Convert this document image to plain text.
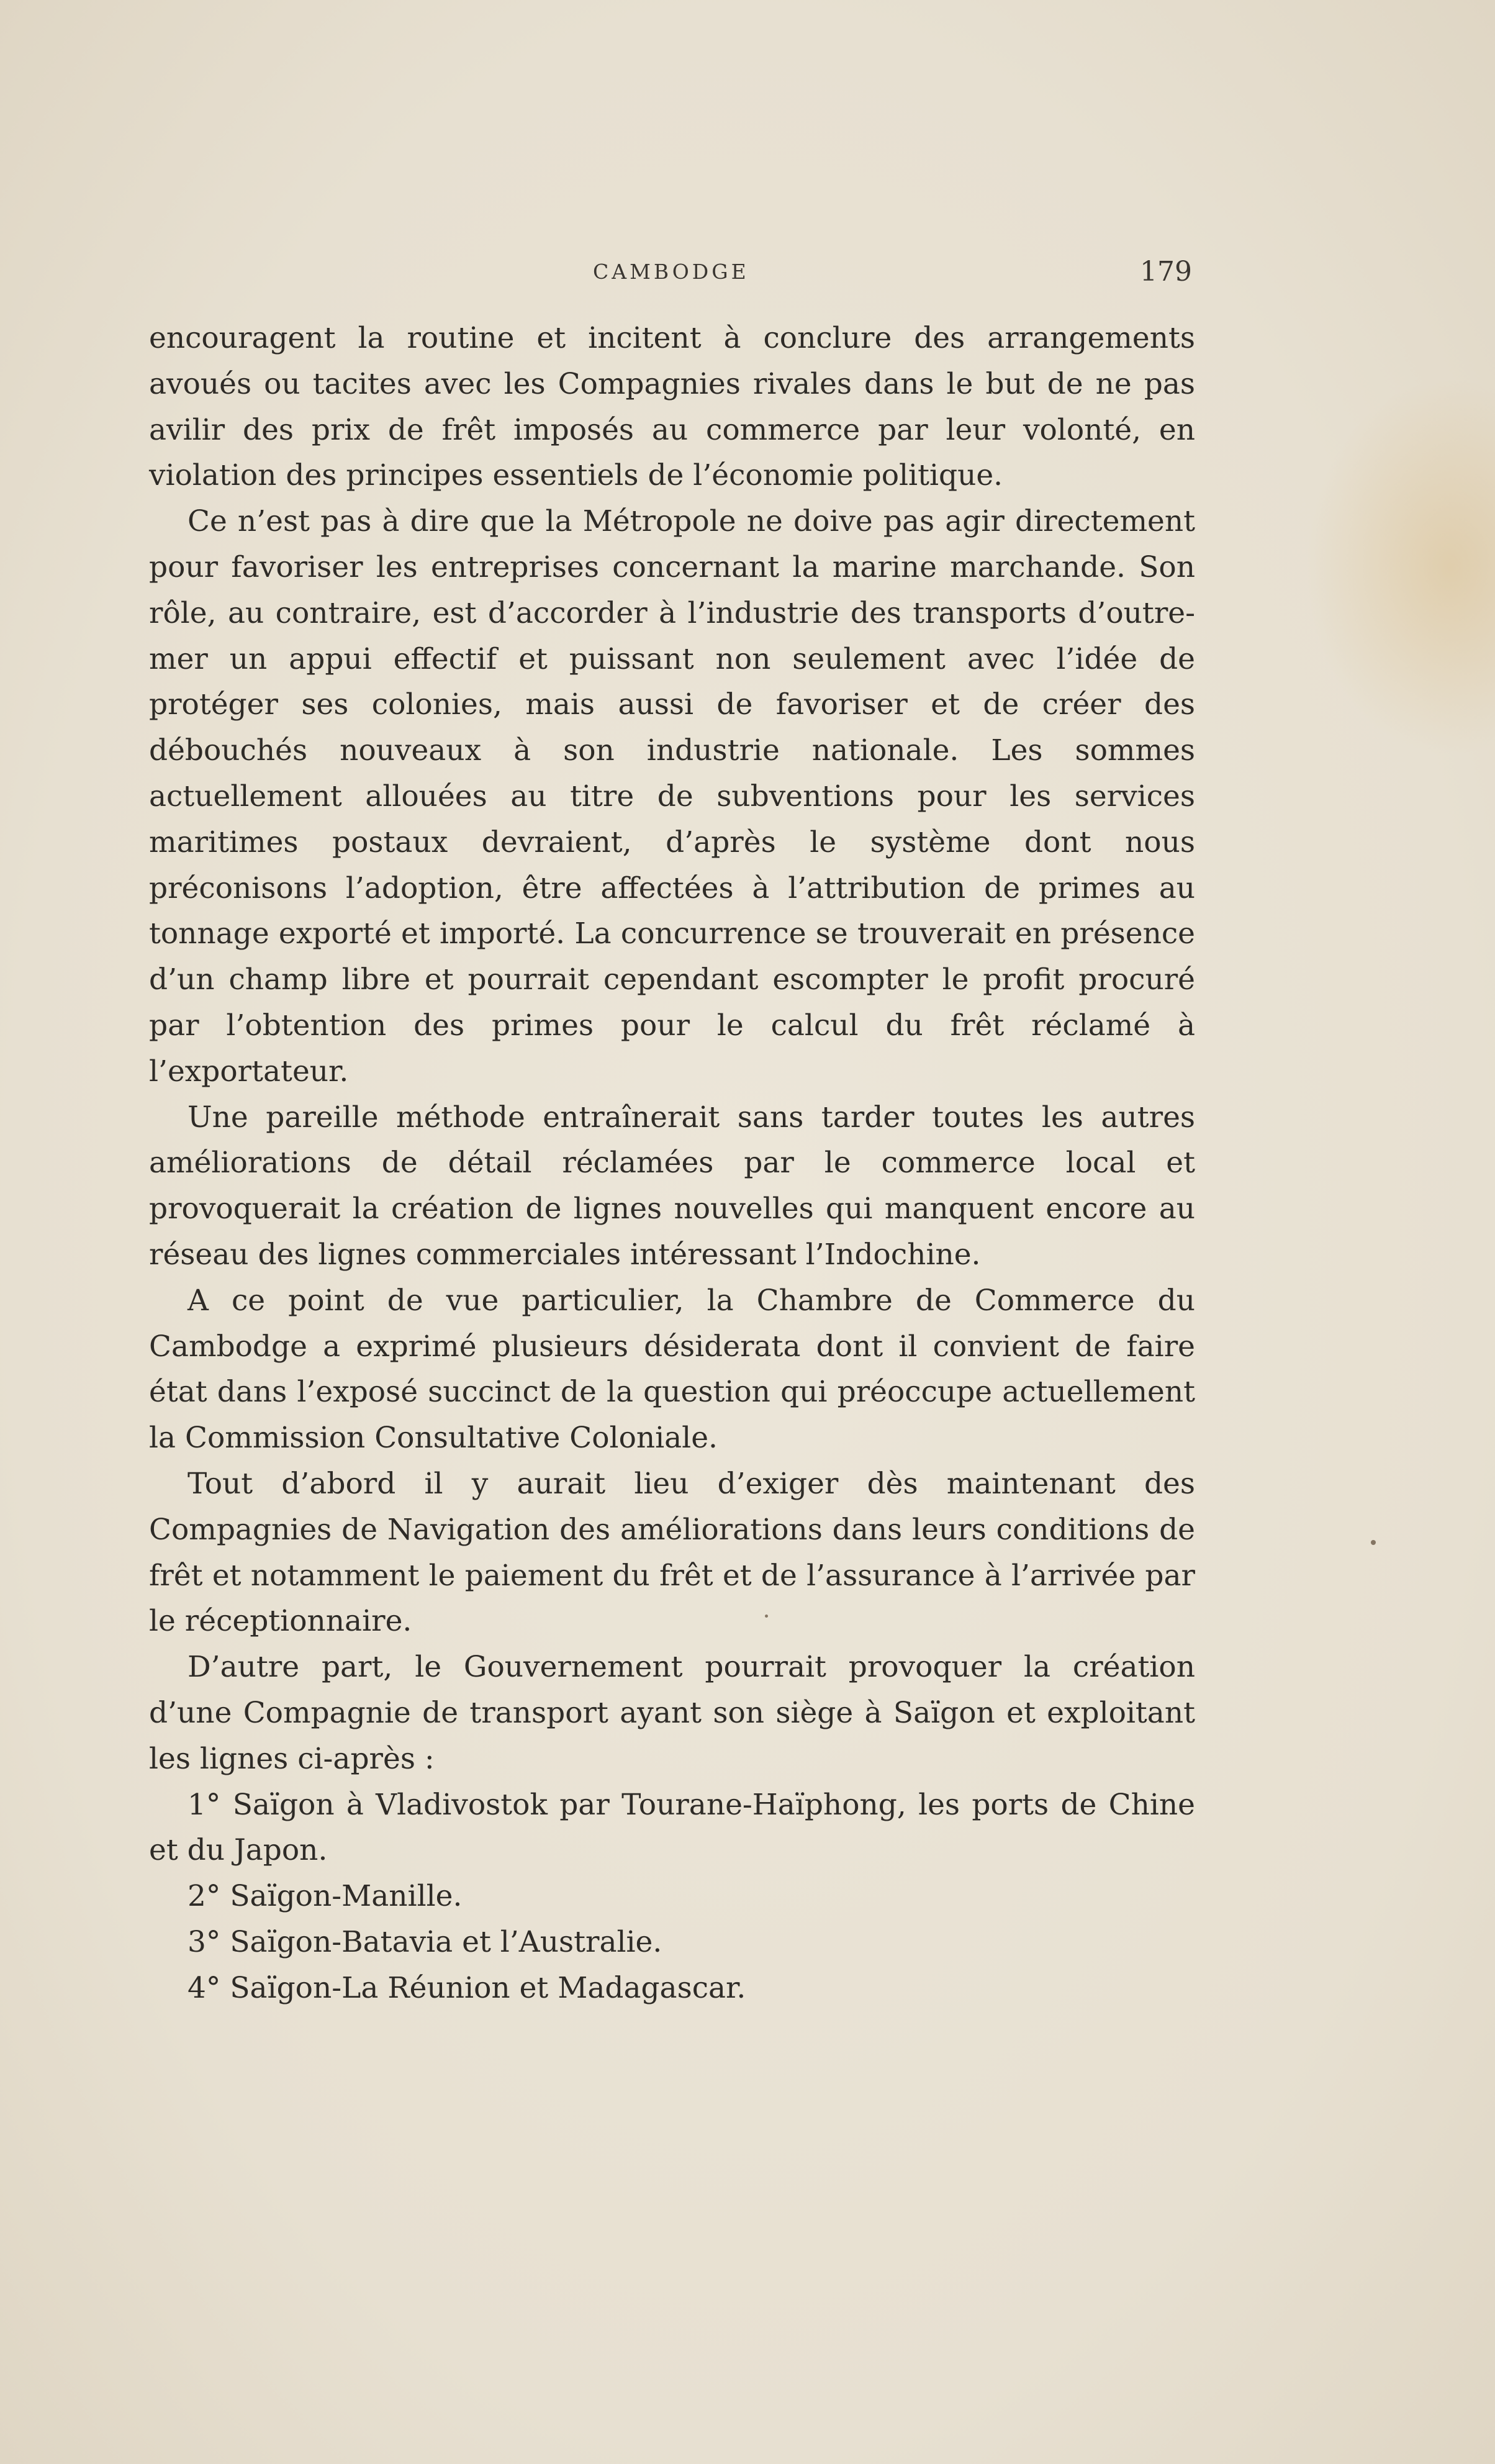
CAMBODGE	179

encouragent la routine et incitent à conclure des arrangements avoués ou tacites avec les Compagnies rivales dans le but de ne pas avilir des prix de frêt imposés au commerce par leur volonté, en violation des principes essentiels de l’économie politique.

Ce n’est pas à dire que la Métropole ne doive pas agir directement pour favoriser les entreprises concernant la marine marchande. Son rôle, au contraire, est d’accorder à l’industrie des transports d’outre-mer un appui effectif et puissant non seulement avec l’idée de protéger ses colonies, mais aussi de favoriser et de créer des débouchés nouveaux à son industrie nationale. Les sommes actuellement allouées au titre de subventions pour les services maritimes postaux devraient, d’après le système dont nous préconisons l’adoption, être affectées à l’attribution de primes au tonnage exporté et importé. La concurrence se trouverait en présence d’un champ libre et pourrait cependant escompter le profit procuré par l’obtention des primes pour le calcul du frêt réclamé à l’exportateur.

Une pareille méthode entraînerait sans tarder toutes les autres améliorations de détail réclamées par le commerce local et provoquerait la création de lignes nouvelles qui manquent encore au réseau des lignes commerciales intéressant l’Indochine.

A ce point de vue particulier, la Chambre de Commerce du Cambodge a exprimé plusieurs désiderata dont il convient de faire état dans l’exposé succinct de la question qui préoccupe actuellement la Commission Consultative Coloniale.

Tout d’abord il y aurait lieu d’exiger dès maintenant des Compagnies de Navigation des améliorations dans leurs conditions de frêt et notamment le paiement du frêt et de l’assurance à l’arrivée par le réceptionnaire.

D’autre part, le Gouvernement pourrait provoquer la création d’une Compagnie de transport ayant son siège à Saïgon et exploitant les lignes ci-après :

1° Saïgon à Vladivostok par Tourane-Haïphong, les ports de Chine et du Japon.
2° Saïgon-Manille.
3° Saïgon-Batavia et l’Australie.
4° Saïgon-La Réunion et Madagascar.
